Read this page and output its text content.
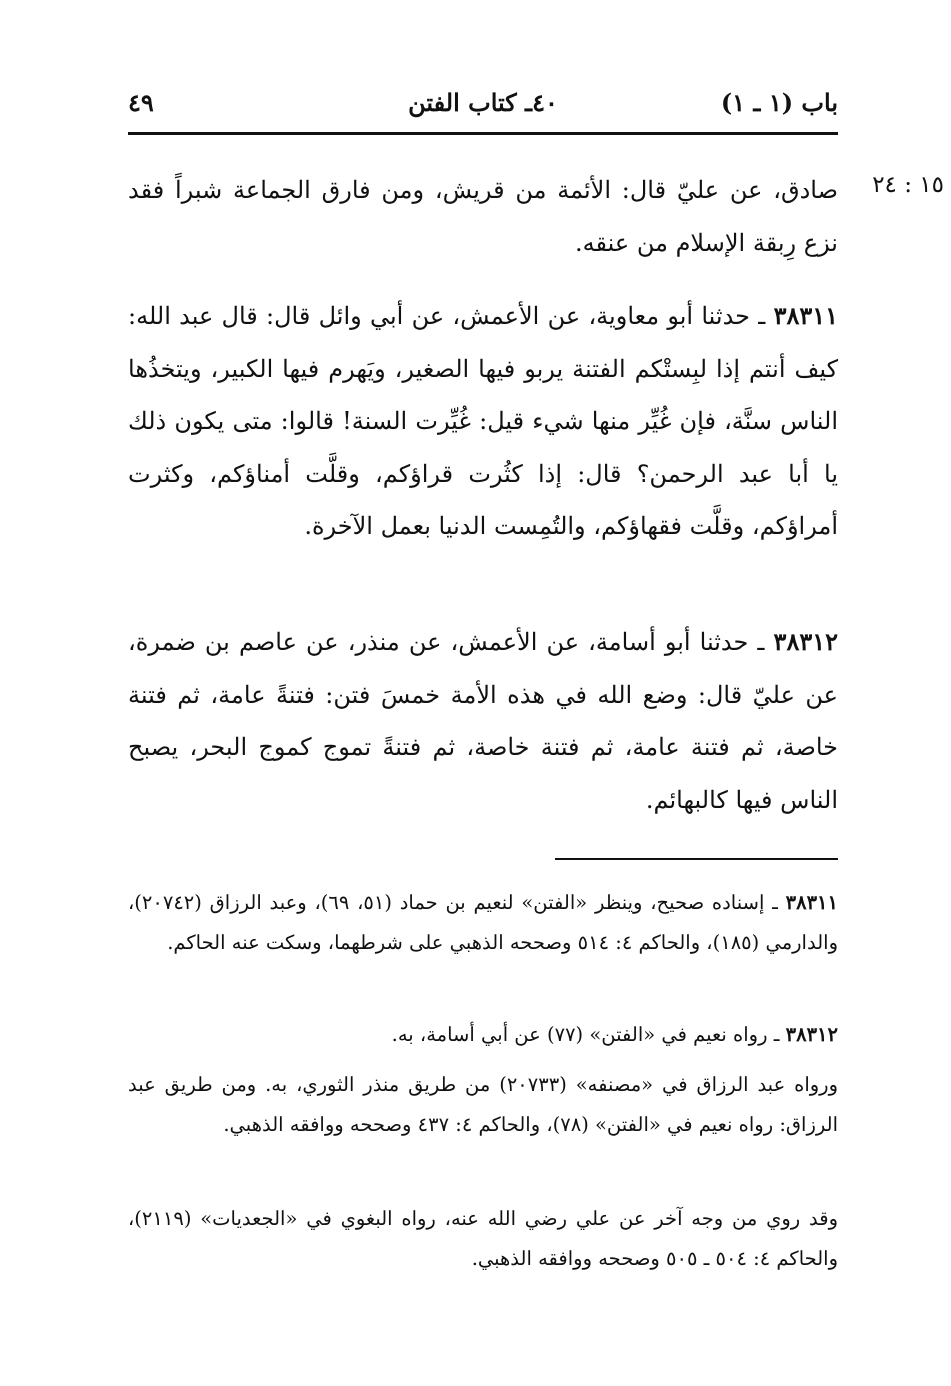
باب (١ ـ ١)
٤٠ـ كتاب الفتن
٤٩
١٥ : ٢٤

صادق، عن عليّ قال: الأئمة من قريش، ومن فارق الجماعة شبراً فقد نزع رِبقة الإسلام من عنقه.

٣٨٣١١ ـ حدثنا أبو معاوية، عن الأعمش، عن أبي وائل قال: قال عبد الله: كيف أنتم إذا لبِستْكم الفتنة يربو فيها الصغير، ويَهرم فيها الكبير، ويتخذُها الناس سنَّة، فإن غُيِّر منها شيء قيل: غُيِّرت السنة! قالوا: متى يكون ذلك يا أبا عبد الرحمن؟ قال: إذا كثُرت قراؤكم، وقلَّت أمناؤكم، وكثرت أمراؤكم، وقلَّت فقهاؤكم، والتُمِست الدنيا بعمل الآخرة.

٣٨٣١٢ ـ حدثنا أبو أسامة، عن الأعمش، عن منذر، عن عاصم بن ضمرة، عن عليّ قال: وضع الله في هذه الأمة خمسَ فتن: فتنةً عامة، ثم فتنة خاصة، ثم فتنة عامة، ثم فتنة خاصة، ثم فتنةً تموج كموج البحر، يصبح الناس فيها كالبهائم.

٣٨٣١١ ـ إسناده صحيح، وينظر «الفتن» لنعيم بن حماد (٥١، ٦٩)، وعبد الرزاق (٢٠٧٤٢)، والدارمي (١٨٥)، والحاكم ٤: ٥١٤ وصححه الذهبي على شرطهما، وسكت عنه الحاكم.

٣٨٣١٢ ـ رواه نعيم في «الفتن» (٧٧) عن أبي أسامة، به.

ورواه عبد الرزاق في «مصنفه» (٢٠٧٣٣) من طريق منذر الثوري، به. ومن طريق عبد الرزاق: رواه نعيم في «الفتن» (٧٨)، والحاكم ٤: ٤٣٧ وصححه ووافقه الذهبي.

وقد روي من وجه آخر عن علي رضي الله عنه، رواه البغوي في «الجعديات» (٢١١٩)، والحاكم ٤: ٥٠٤ ـ ٥٠٥ وصححه ووافقه الذهبي.
